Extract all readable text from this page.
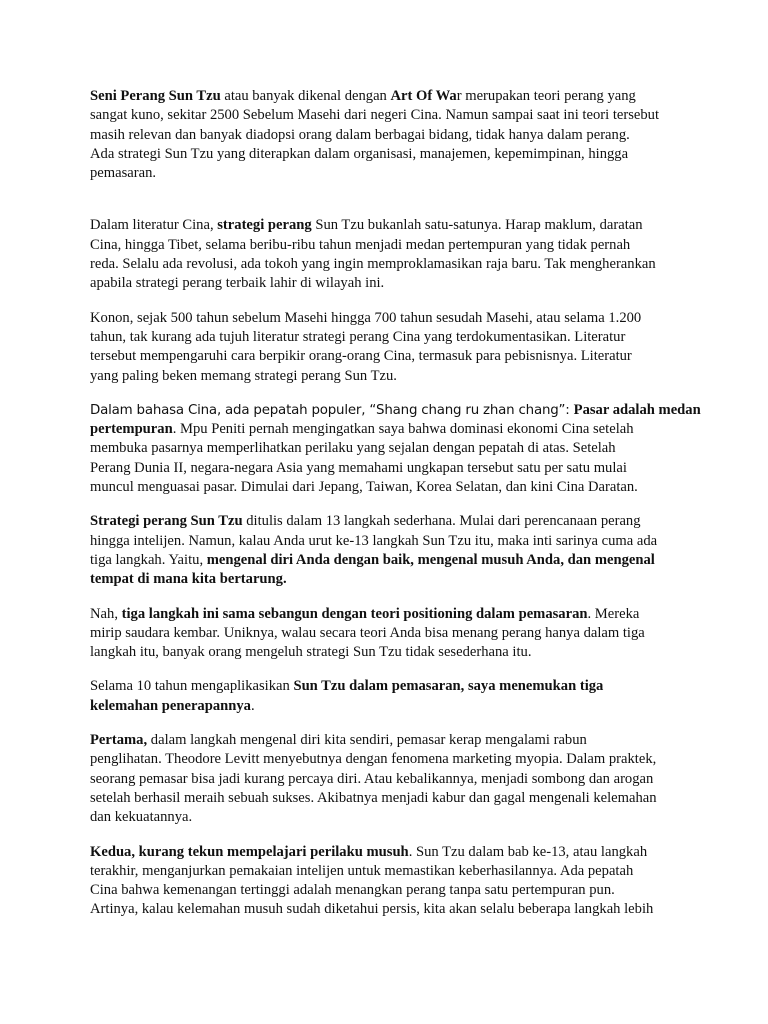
Seni Perang Sun Tzu atau banyak dikenal dengan Art Of War merupakan teori perang yang
sangat kuno, sekitar 2500 Sebelum Masehi dari negeri Cina. Namun sampai saat ini teori tersebut
masih relevan dan banyak diadopsi orang dalam berbagai bidang, tidak hanya dalam perang.
Ada strategi Sun Tzu yang diterapkan dalam organisasi, manajemen, kepemimpinan, hingga
pemasaran.

Dalam literatur Cina, strategi perang Sun Tzu bukanlah satu-satunya. Harap maklum, daratan
Cina, hingga Tibet, selama beribu-ribu tahun menjadi medan pertempuran yang tidak pernah
reda. Selalu ada revolusi, ada tokoh yang ingin memproklamasikan raja baru. Tak mengherankan
apabila strategi perang terbaik lahir di wilayah ini.

Konon, sejak 500 tahun sebelum Masehi hingga 700 tahun sesudah Masehi, atau selama 1.200
tahun, tak kurang ada tujuh literatur strategi perang Cina yang terdokumentasikan. Literatur
tersebut mempengaruhi cara berpikir orang-orang Cina, termasuk para pebisnisnya. Literatur
yang paling beken memang strategi perang Sun Tzu.

Dalam bahasa Cina, ada pepatah populer, “Shang chang ru zhan chang”: Pasar adalah medan
pertempuran. Mpu Peniti pernah mengingatkan saya bahwa dominasi ekonomi Cina setelah
membuka pasarnya memperlihatkan perilaku yang sejalan dengan pepatah di atas. Setelah
Perang Dunia II, negara-negara Asia yang memahami ungkapan tersebut satu per satu mulai
muncul menguasai pasar. Dimulai dari Jepang, Taiwan, Korea Selatan, dan kini Cina Daratan.

Strategi perang Sun Tzu ditulis dalam 13 langkah sederhana. Mulai dari perencanaan perang
hingga intelijen. Namun, kalau Anda urut ke-13 langkah Sun Tzu itu, maka inti sarinya cuma ada
tiga langkah. Yaitu, mengenal diri Anda dengan baik, mengenal musuh Anda, dan mengenal
tempat di mana kita bertarung.

Nah, tiga langkah ini sama sebangun dengan teori positioning dalam pemasaran. Mereka
mirip saudara kembar. Uniknya, walau secara teori Anda bisa menang perang hanya dalam tiga
langkah itu, banyak orang mengeluh strategi Sun Tzu tidak sesederhana itu.

Selama 10 tahun mengaplikasikan Sun Tzu dalam pemasaran, saya menemukan tiga
kelemahan penerapannya.

Pertama, dalam langkah mengenal diri kita sendiri, pemasar kerap mengalami rabun
penglihatan. Theodore Levitt menyebutnya dengan fenomena marketing myopia. Dalam praktek,
seorang pemasar bisa jadi kurang percaya diri. Atau kebalikannya, menjadi sombong dan arogan
setelah berhasil meraih sebuah sukses. Akibatnya menjadi kabur dan gagal mengenali kelemahan
dan kekuatannya.

Kedua, kurang tekun mempelajari perilaku musuh. Sun Tzu dalam bab ke-13, atau langkah
terakhir, menganjurkan pemakaian intelijen untuk memastikan keberhasilannya. Ada pepatah
Cina bahwa kemenangan tertinggi adalah menangkan perang tanpa satu pertempuran pun.
Artinya, kalau kelemahan musuh sudah diketahui persis, kita akan selalu beberapa langkah lebih
